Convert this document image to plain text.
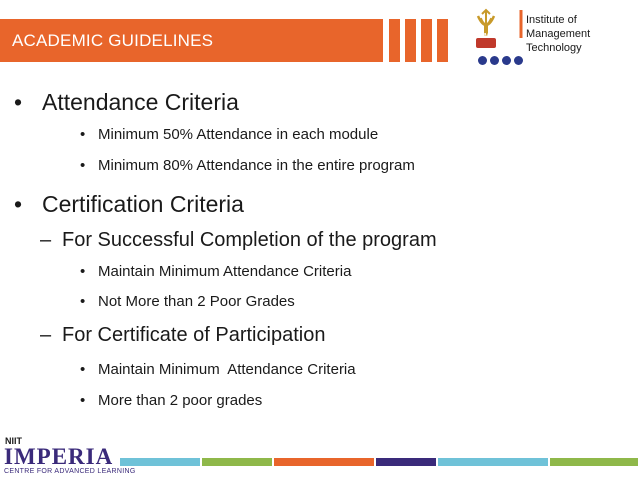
ACADEMIC GUIDELINES
Institute of
Management Technology
IMT
• Attendance Criteria
• Minimum 50% Attendance in each module
• Minimum 80% Attendance in the entire program
• Certification Criteria
– For Successful Completion of the program
• Maintain Minimum Attendance Criteria
• Not More than 2 Poor Grades
– For Certificate of Participation
• Maintain Minimum  Attendance Criteria
• More than 2 poor grades
NIIT
IMPERIA
CENTRE FOR ADVANCED LEARNING
